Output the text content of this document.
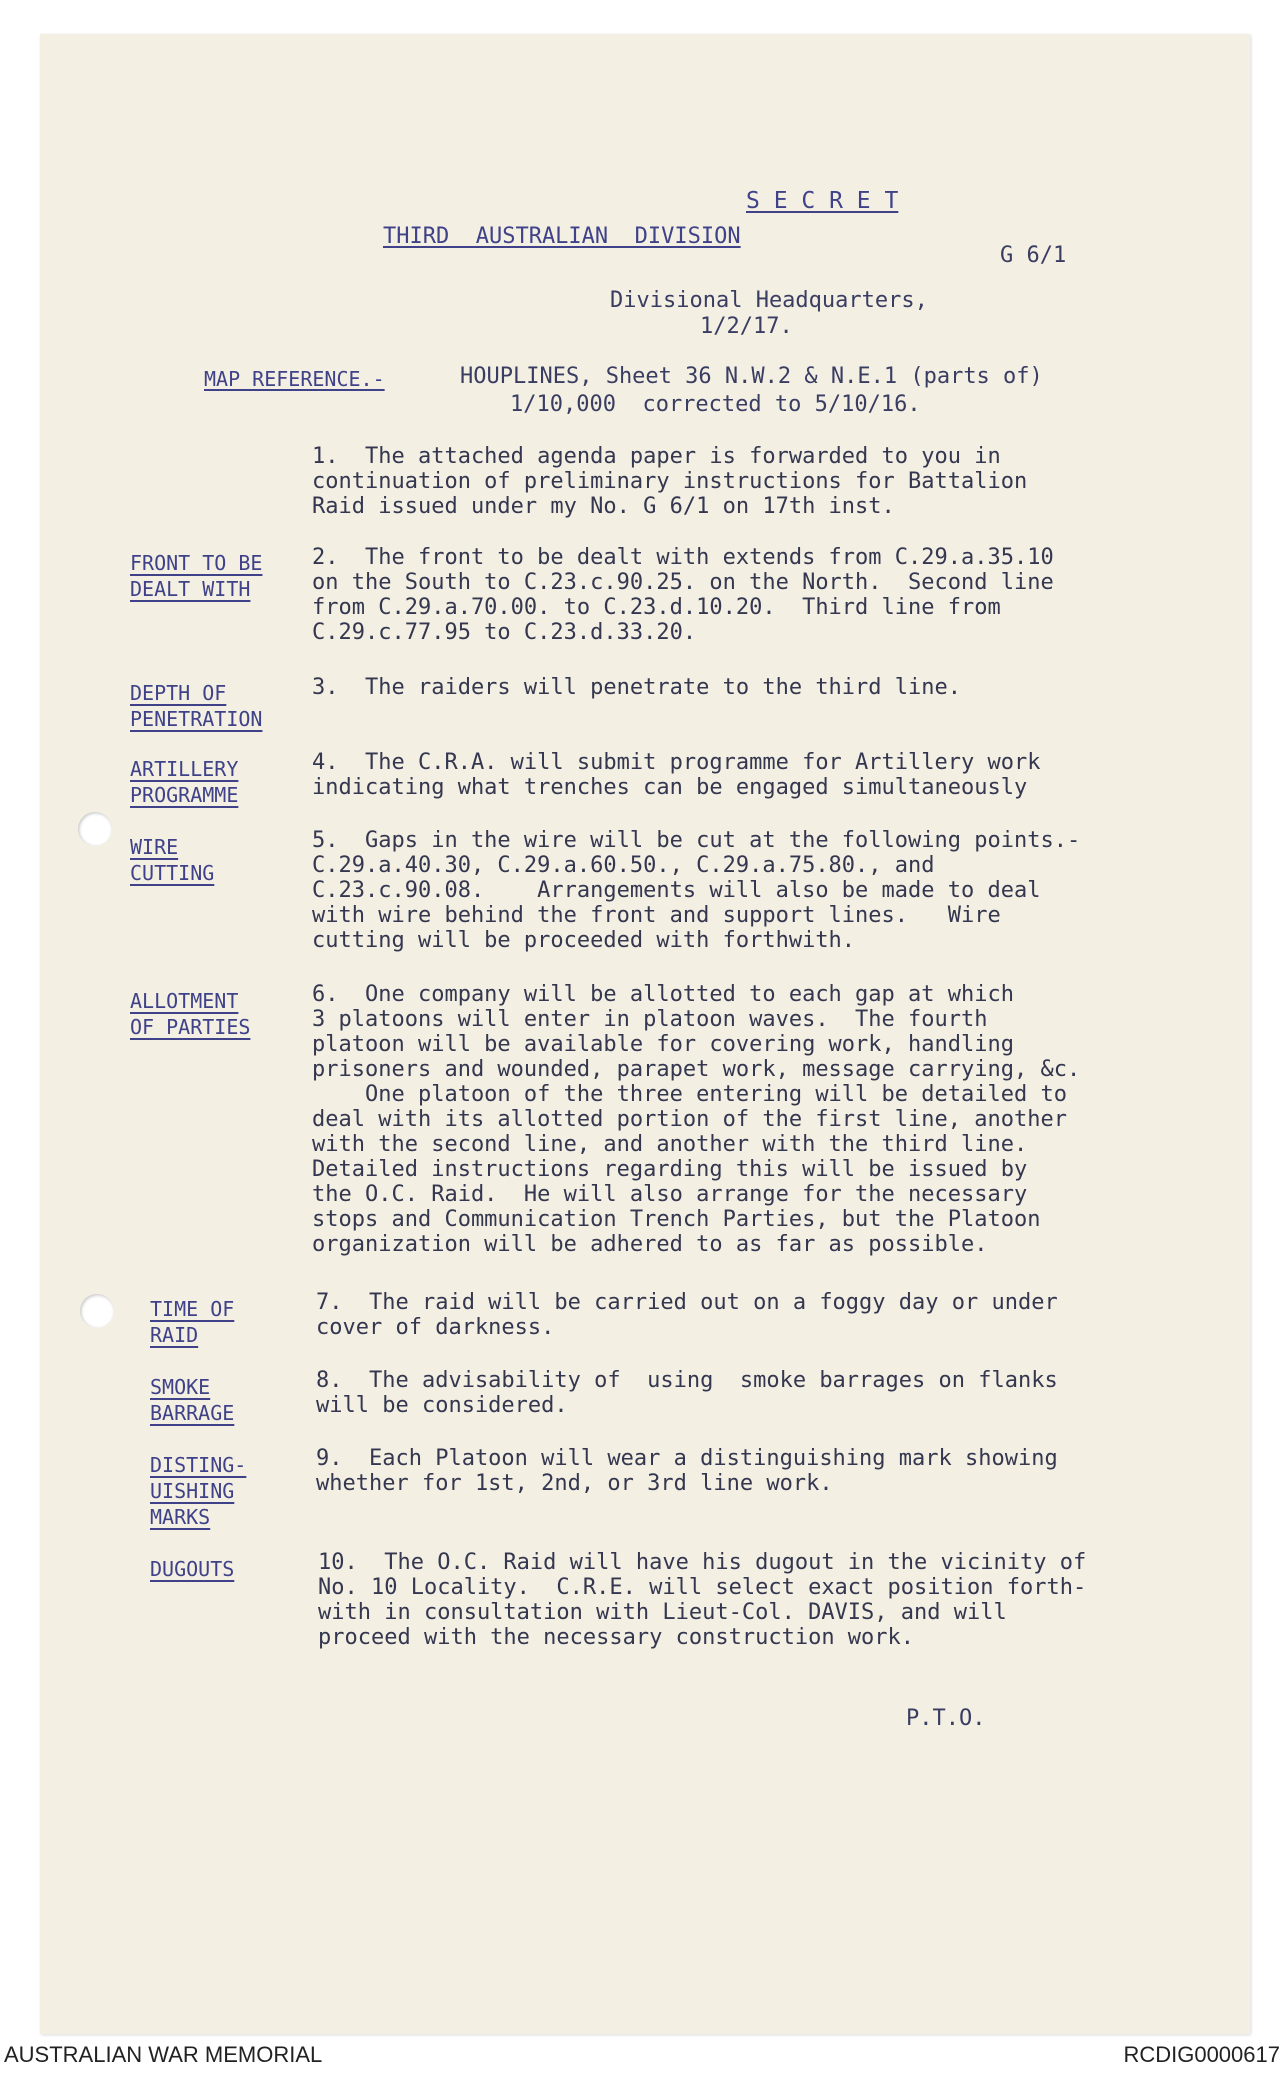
S E C R E T
THIRD  AUSTRALIAN  DIVISION
G 6/1
Divisional Headquarters,
1/2/17.
MAP REFERENCE.-	HOUPLINES, Sheet 36 N.W.2 & N.E.1 (parts of)
1/10,000  corrected to 5/10/16.
1.  The attached agenda paper is forwarded to you in
continuation of preliminary instructions for Battalion
Raid issued under my No. G 6/1 on 17th inst.
FRONT TO BE
DEALT WITH
2.  The front to be dealt with extends from C.29.a.35.10
on the South to C.23.c.90.25. on the North.  Second line
from C.29.a.70.00. to C.23.d.10.20.  Third line from
C.29.c.77.95 to C.23.d.33.20.
DEPTH OF
PENETRATION
3.  The raiders will penetrate to the third line.
ARTILLERY
PROGRAMME
4.  The C.R.A. will submit programme for Artillery work
indicating what trenches can be engaged simultaneously
WIRE
CUTTING
5.  Gaps in the wire will be cut at the following points.-
C.29.a.40.30, C.29.a.60.50., C.29.a.75.80., and
C.23.c.90.08.    Arrangements will also be made to deal
with wire behind the front and support lines.   Wire
cutting will be proceeded with forthwith.
ALLOTMENT
OF PARTIES
6.  One company will be allotted to each gap at which
3 platoons will enter in platoon waves.  The fourth
platoon will be available for covering work, handling
prisoners and wounded, parapet work, message carrying, &c.
One platoon of the three entering will be detailed to
deal with its allotted portion of the first line, another
with the second line, and another with the third line.
Detailed instructions regarding this will be issued by
the O.C. Raid.  He will also arrange for the necessary
stops and Communication Trench Parties, but the Platoon
organization will be adhered to as far as possible.
TIME OF
RAID
7.  The raid will be carried out on a foggy day or under
cover of darkness.
SMOKE
BARRAGE
8.  The advisability of  using  smoke barrages on flanks
will be considered.
DISTING-
UISHING
MARKS
9.  Each Platoon will wear a distinguishing mark showing
whether for 1st, 2nd, or 3rd line work.
DUGOUTS	10.  The O.C. Raid will have his dugout in the vicinity of
No. 10 Locality.  C.R.E. will select exact position forth-
with in consultation with Lieut-Col. DAVIS, and will
proceed with the necessary construction work.
P.T.O.
AUSTRALIAN WAR MEMORIAL	RCDIG0000617
